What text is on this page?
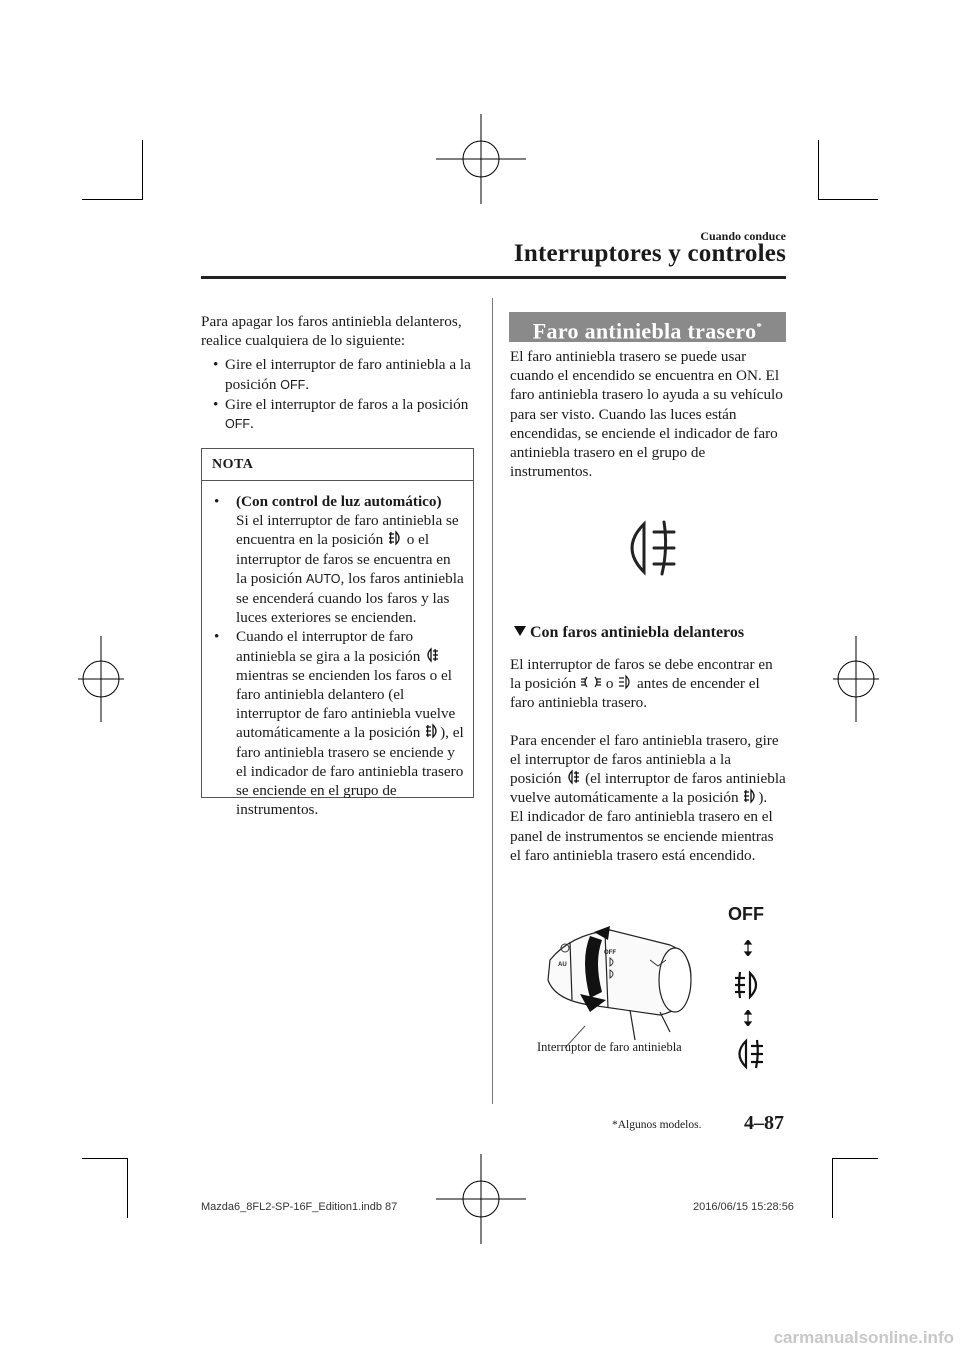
Cuando conduce
Interruptores y controles

Para apagar los faros antiniebla delanteros, realice cualquiera de lo siguiente:

• Gire el interruptor de faro antiniebla a la posición OFF.
• Gire el interruptor de faros a la posición OFF.
NOTA
• (Con control de luz automático)
Si el interruptor de faro antiniebla se encuentra en la posición o el interruptor de faros se encuentra en la posición AUTO, los faros antiniebla se encenderá cuando los faros y las luces exteriores se encienden.
• Cuando el interruptor de faro antiniebla se gira a la posición  mientras se encienden los faros o el faro antiniebla delantero (el interruptor de faro antiniebla vuelve automáticamente a la posición ), el faro antiniebla trasero se enciende y el indicador de faro antiniebla trasero se enciende en el grupo de instrumentos.
Faro antiniebla trasero*

El faro antiniebla trasero se puede usar cuando el encendido se encuentra en ON. El faro antiniebla trasero lo ayuda a su vehículo para ser visto. Cuando las luces están encendidas, se enciende el indicador de faro antiniebla trasero en el grupo de instrumentos.

Con faros antiniebla delanteros

El interruptor de faros se debe encontrar en la posición o antes de encender el faro antiniebla trasero.

Para encender el faro antiniebla trasero, gire el interruptor de faros antiniebla a la posición (el interruptor de faros antiniebla vuelve automáticamente a la posición ).
El indicador de faro antiniebla trasero en el panel de instrumentos se enciende mientras el faro antiniebla trasero está encendido.

OFF
AU
Interruptor de faro antiniebla
OFF
*Algunos modelos. 4–87
Mazda6_8FL2-SP-16F_Edition1.indb 87	2016/06/15 15:28:56
carmanualsonline.info
